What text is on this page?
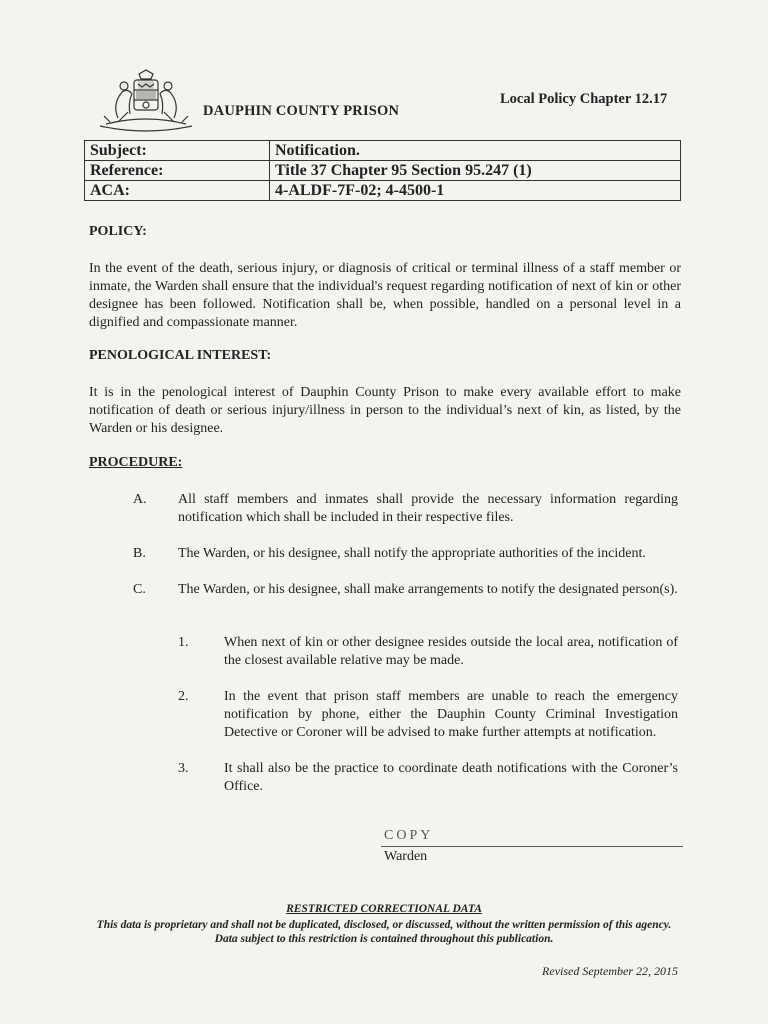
DAUPHIN COUNTY PRISON
Local Policy Chapter 12.17
Subject:	Notification.
Reference:	Title 37 Chapter 95 Section 95.247 (1)
ACA:	4-ALDF-7F-02; 4-4500-1
POLICY:
In the event of the death, serious injury, or diagnosis of critical or terminal illness of a staff member or inmate, the Warden shall ensure that the individual's request regarding notification of next of kin or other designee has been followed. Notification shall be, when possible, handled on a personal level in a dignified and compassionate manner.
PENOLOGICAL INTEREST:
It is in the penological interest of Dauphin County Prison to make every available effort to make notification of death or serious injury/illness in person to the individual’s next of kin, as listed, by the Warden or his designee.
PROCEDURE:
A. All staff members and inmates shall provide the necessary information regarding notification which shall be included in their respective files.
B. The Warden, or his designee, shall notify the appropriate authorities of the incident.
C. The Warden, or his designee, shall make arrangements to notify the designated person(s).
1.	When next of kin or other designee resides outside the local area, notification of the closest available relative may be made.
2.	In the event that prison staff members are unable to reach the emergency notification by phone, either the Dauphin County Criminal Investigation Detective or Coroner will be advised to make further attempts at notification.
3.	It shall also be the practice to coordinate death notifications with the Coroner’s Office.
COPY
Warden
RESTRICTED CORRECTIONAL DATA
This data is proprietary and shall not be duplicated, disclosed, or discussed, without the written permission of this agency. Data subject to this restriction is contained throughout this publication.
Revised September 22, 2015
